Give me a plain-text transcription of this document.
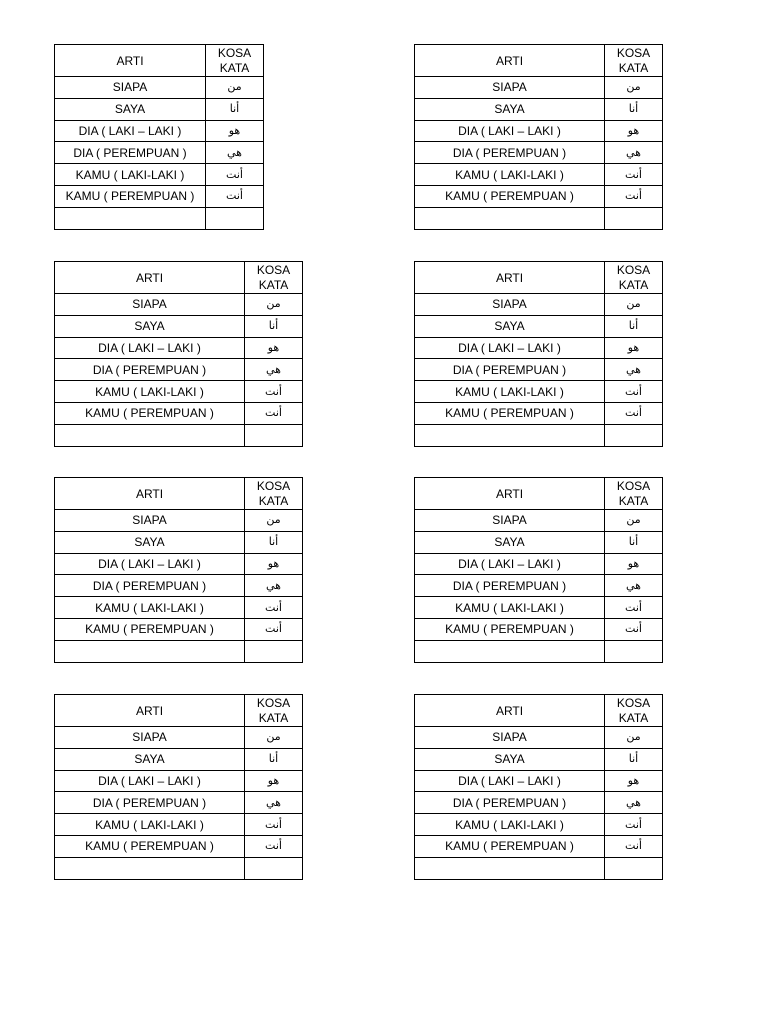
ARTI	KOSA
KATA
SIAPA	من
SAYA	أنا
DIA ( LAKI – LAKI )	هو
DIA ( PEREMPUAN )	هي
KAMU ( LAKI-LAKI )	أنت
KAMU ( PEREMPUAN )	أنت

ARTI	KOSA
KATA
SIAPA	من
SAYA	أنا
DIA ( LAKI – LAKI )	هو
DIA ( PEREMPUAN )	هي
KAMU ( LAKI-LAKI )	أنت
KAMU ( PEREMPUAN )	أنت

ARTI	KOSA
KATA
SIAPA	من
SAYA	أنا
DIA ( LAKI – LAKI )	هو
DIA ( PEREMPUAN )	هي
KAMU ( LAKI-LAKI )	أنت
KAMU ( PEREMPUAN )	أنت

ARTI	KOSA
KATA
SIAPA	من
SAYA	أنا
DIA ( LAKI – LAKI )	هو
DIA ( PEREMPUAN )	هي
KAMU ( LAKI-LAKI )	أنت
KAMU ( PEREMPUAN )	أنت

ARTI	KOSA
KATA
SIAPA	من
SAYA	أنا
DIA ( LAKI – LAKI )	هو
DIA ( PEREMPUAN )	هي
KAMU ( LAKI-LAKI )	أنت
KAMU ( PEREMPUAN )	أنت

ARTI	KOSA
KATA
SIAPA	من
SAYA	أنا
DIA ( LAKI – LAKI )	هو
DIA ( PEREMPUAN )	هي
KAMU ( LAKI-LAKI )	أنت
KAMU ( PEREMPUAN )	أنت

ARTI	KOSA
KATA
SIAPA	من
SAYA	أنا
DIA ( LAKI – LAKI )	هو
DIA ( PEREMPUAN )	هي
KAMU ( LAKI-LAKI )	أنت
KAMU ( PEREMPUAN )	أنت

ARTI	KOSA
KATA
SIAPA	من
SAYA	أنا
DIA ( LAKI – LAKI )	هو
DIA ( PEREMPUAN )	هي
KAMU ( LAKI-LAKI )	أنت
KAMU ( PEREMPUAN )	أنت
